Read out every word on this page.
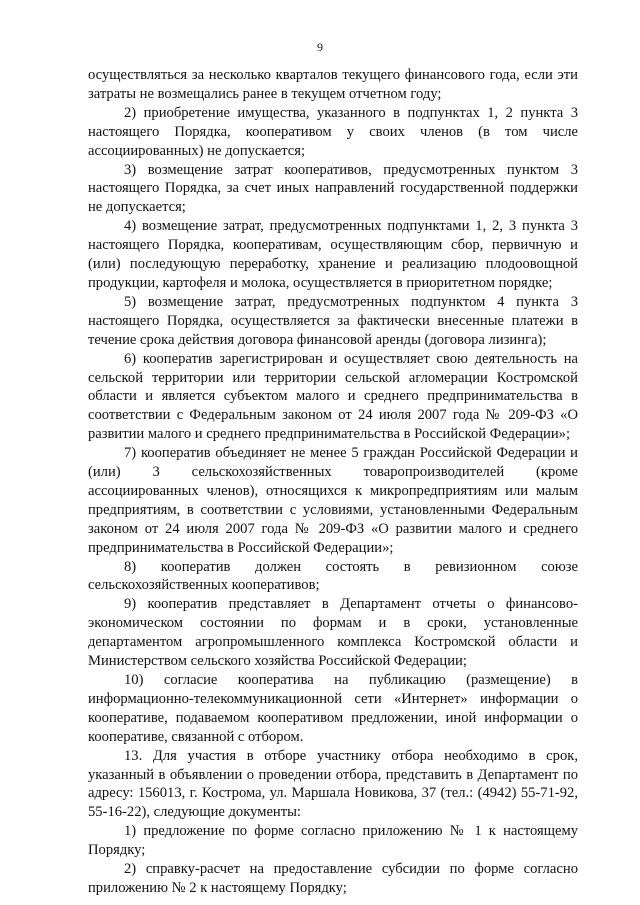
9

осуществляться за несколько кварталов текущего финансового года, если эти затраты не возмещались ранее в текущем отчетном году;

2) приобретение имущества, указанного в подпунктах 1, 2 пункта 3 настоящего Порядка, кооперативом у своих членов (в том числе ассоциированных) не допускается;

3) возмещение затрат кооперативов, предусмотренных пунктом 3 настоящего Порядка, за счет иных направлений государственной поддержки не допускается;

4) возмещение затрат, предусмотренных подпунктами 1, 2, 3 пункта 3 настоящего Порядка, кооперативам, осуществляющим сбор, первичную и (или) последующую переработку, хранение и реализацию плодоовощной продукции, картофеля и молока, осуществляется в приоритетном порядке;

5) возмещение затрат, предусмотренных подпунктом 4 пункта 3 настоящего Порядка, осуществляется за фактически внесенные платежи в течение срока действия договора финансовой аренды (договора лизинга);

6) кооператив зарегистрирован и осуществляет свою деятельность на сельской территории или территории сельской агломерации Костромской области и является субъектом малого и среднего предпринимательства в соответствии с Федеральным законом от 24 июля 2007 года № 209-ФЗ «О развитии малого и среднего предпринимательства в Российской Федерации»;

7) кооператив объединяет не менее 5 граждан Российской Федерации и (или) 3 сельскохозяйственных товаропроизводителей (кроме ассоциированных членов), относящихся к микропредприятиям или малым предприятиям, в соответствии с условиями, установленными Федеральным законом от 24 июля 2007 года № 209-ФЗ «О развитии малого и среднего предпринимательства в Российской Федерации»;

8) кооператив должен состоять в ревизионном союзе сельскохозяйственных кооперативов;

9) кооператив представляет в Департамент отчеты о финансово-экономическом состоянии по формам и в сроки, установленные департаментом агропромышленного комплекса Костромской области и Министерством сельского хозяйства Российской Федерации;

10) согласие кооператива на публикацию (размещение) в информационно-телекоммуникационной сети «Интернет» информации о кооперативе, подаваемом кооперативом предложении, иной информации о кооперативе, связанной с отбором.

13. Для участия в отборе участнику отбора необходимо в срок, указанный в объявлении о проведении отбора, представить в Департамент по адресу: 156013, г. Кострома, ул. Маршала Новикова, 37 (тел.: (4942) 55-71-92, 55-16-22), следующие документы:

1) предложение по форме согласно приложению № 1 к настоящему Порядку;

2) справку-расчет на предоставление субсидии по форме согласно приложению № 2 к настоящему Порядку;
